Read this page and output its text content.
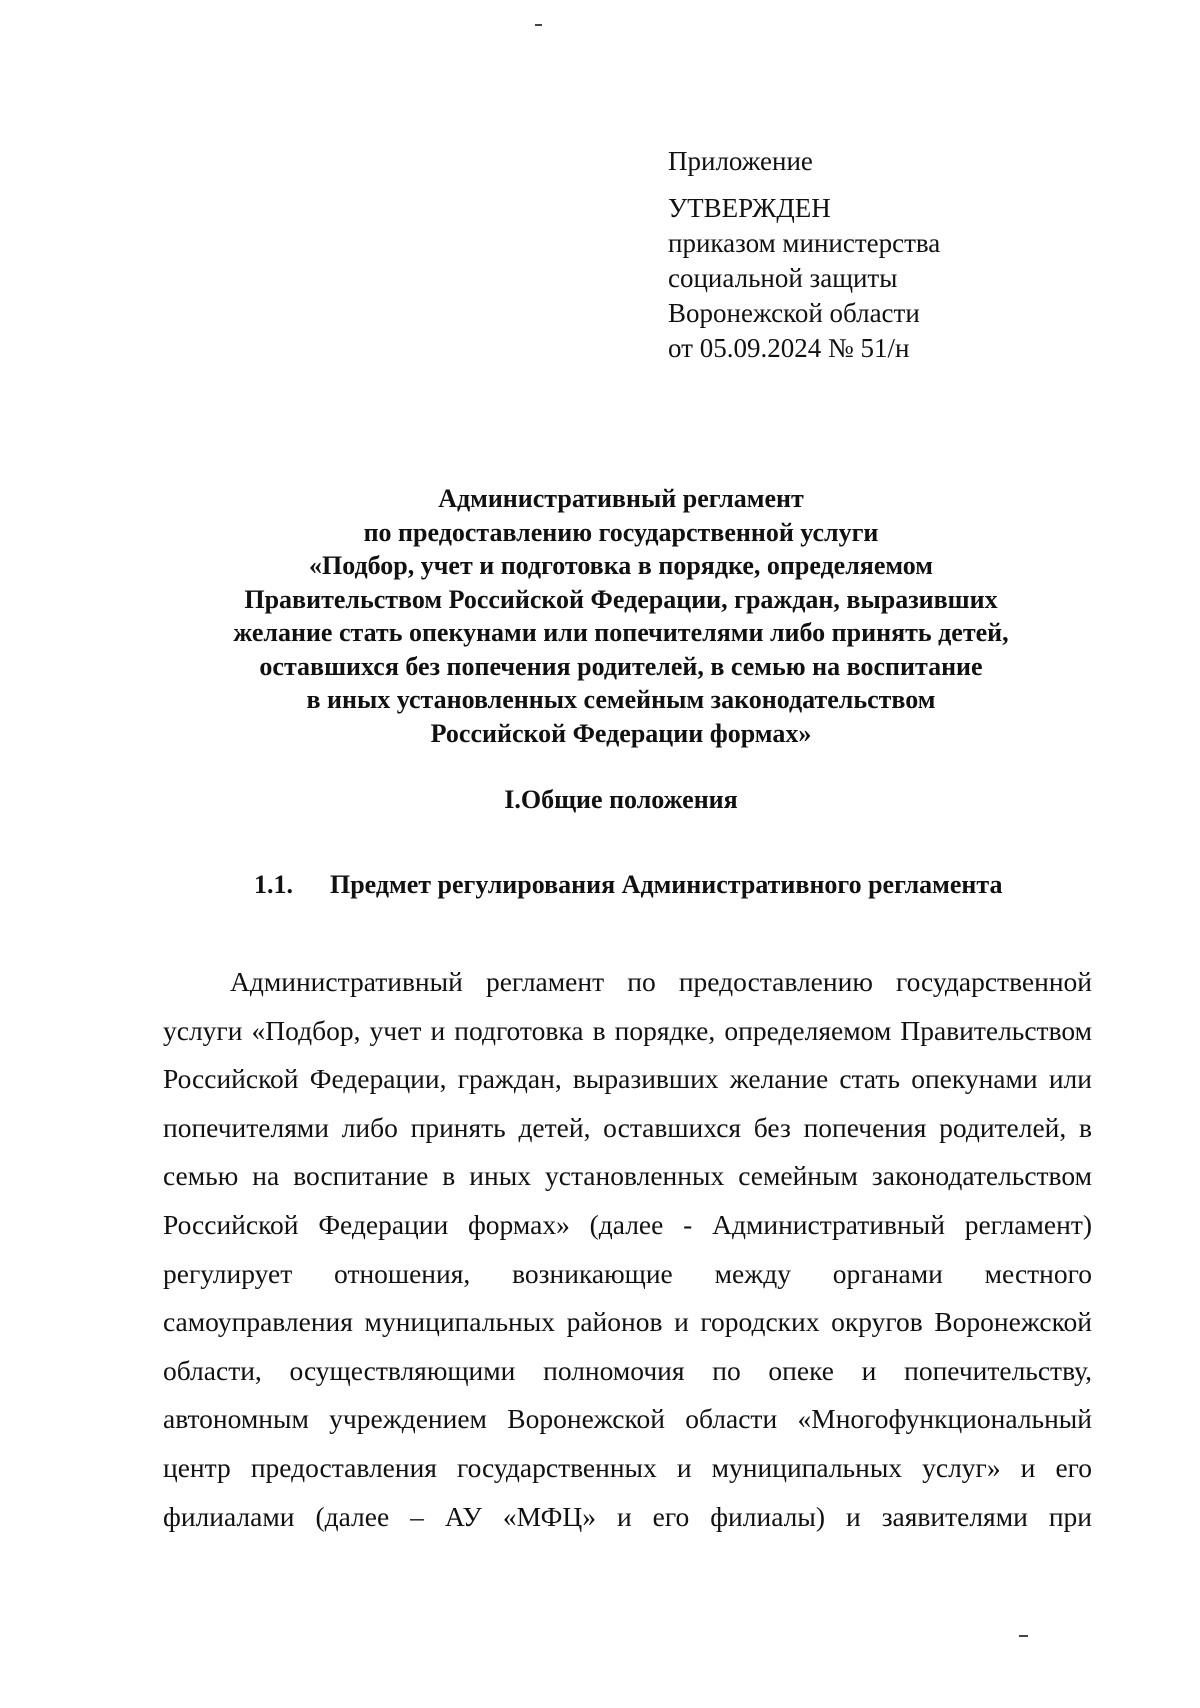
Приложение
УТВЕРЖДЕН
приказом министерства
социальной защиты
Воронежской области
от 05.09.2024 № 51/н
Административный регламент
по предоставлению государственной услуги
«Подбор, учет и подготовка в порядке, определяемом
Правительством Российской Федерации, граждан, выразивших
желание стать опекунами или попечителями либо принять детей,
оставшихся без попечения родителей, в семью на воспитание
в иных установленных семейным законодательством
Российской Федерации формах»
I.Общие положения
1.1. Предмет регулирования Административного регламента
Административный регламент по предоставлению государственной
услуги «Подбор, учет и подготовка в порядке, определяемом Правительством
Российской Федерации, граждан, выразивших желание стать опекунами или
попечителями либо принять детей, оставшихся без попечения родителей, в
семью на воспитание в иных установленных семейным законодательством
Российской Федерации формах» (далее - Административный регламент)
регулирует отношения, возникающие между органами местного
самоуправления муниципальных районов и городских округов Воронежской
области, осуществляющими полномочия по опеке и попечительству,
автономным учреждением Воронежской области «Многофункциональный
центр предоставления государственных и муниципальных услуг» и его
филиалами (далее – АУ «МФЦ» и его филиалы) и заявителями при
